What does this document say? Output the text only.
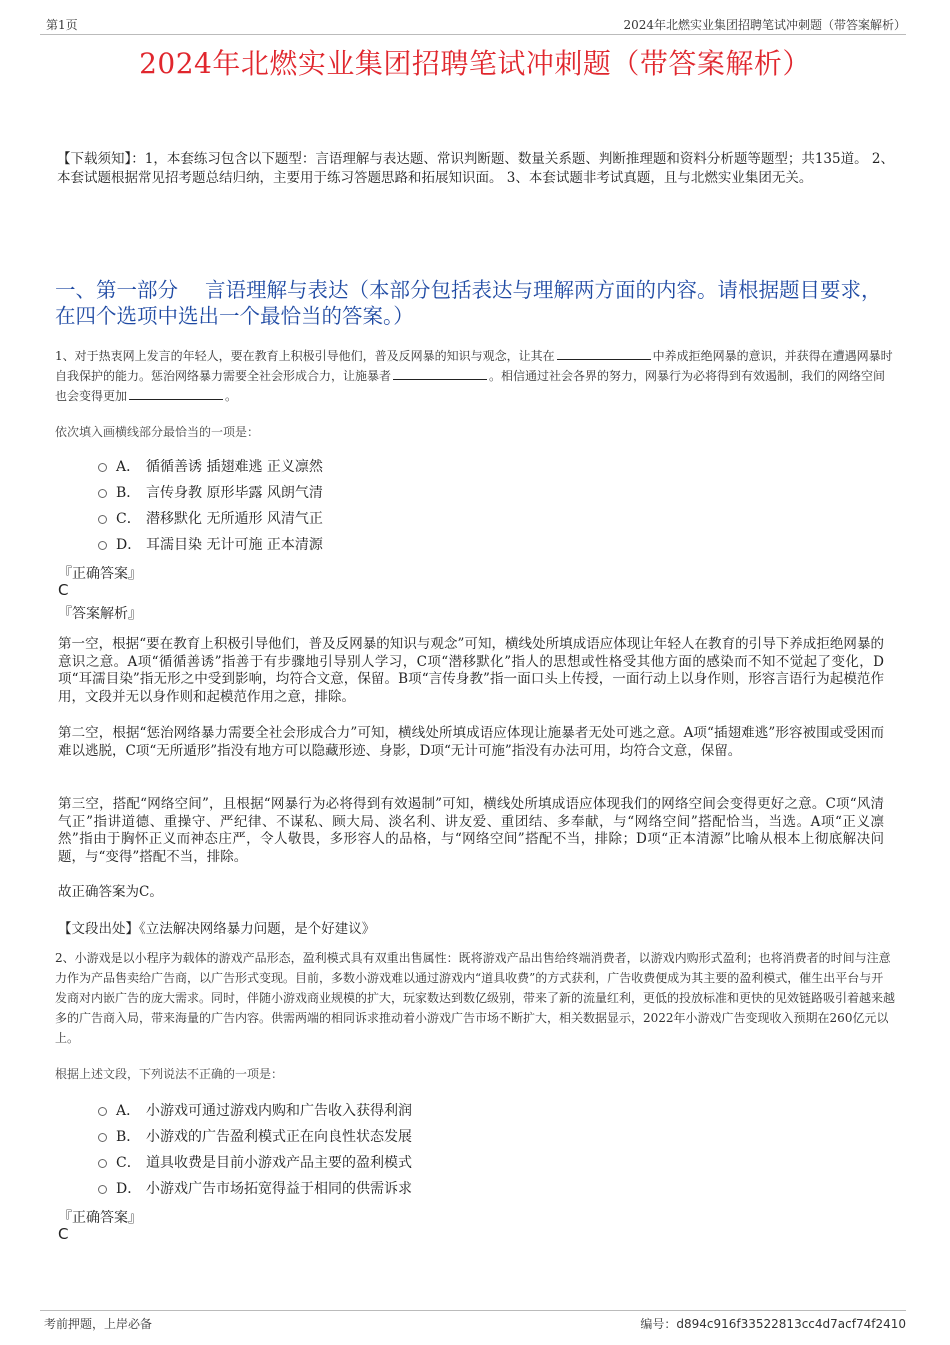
第1页	2024年北燃实业集团招聘笔试冲刺题（带答案解析）
2024年北燃实业集团招聘笔试冲刺题（带答案解析）
【下载须知】：1，本套练习包含以下题型：言语理解与表达题、常识判断题、数量关系题、判断推理题和资料分析题等题型；共135道。 2、本套试题根据常见招考题总结归纳，主要用于练习答题思路和拓展知识面。 3、本套试题非考试真题，且与北燃实业集团无关。
一、第一部分　 言语理解与表达（本部分包括表达与理解两方面的内容。请根据题目要求，在四个选项中选出一个最恰当的答案。）
1、对于热衷网上发言的年轻人，要在教育上积极引导他们，普及反网暴的知识与观念，让其在	中养成拒绝网暴的意识，并获得在遭遇网暴时自我保护的能力。惩治网络暴力需要全社会形成合力，让施暴者	。相信通过社会各界的努力，网暴行为必将得到有效遏制，我们的网络空间也会变得更加	。
依次填入画横线部分最恰当的一项是：
A． 循循善诱 插翅难逃 正义凛然
B． 言传身教 原形毕露 风朗气清
C． 潜移默化 无所遁形 风清气正
D． 耳濡目染 无计可施 正本清源
『正确答案』
C
『答案解析』
第一空，根据“要在教育上积极引导他们，普及反网暴的知识与观念”可知，横线处所填成语应体现让年轻人在教育的引导下养成拒绝网暴的意识之意。A项“循循善诱”指善于有步骤地引导别人学习，C项“潜移默化”指人的思想或性格受其他方面的感染而不知不觉起了变化，D项“耳濡目染”指无形之中受到影响，均符合文意，保留。B项“言传身教”指一面口头上传授，一面行动上以身作则，形容言语行为起模范作用，文段并无以身作则和起模范作用之意，排除。
第二空，根据“惩治网络暴力需要全社会形成合力”可知，横线处所填成语应体现让施暴者无处可逃之意。A项“插翅难逃”形容被围或受困而难以逃脱，C项“无所遁形”指没有地方可以隐藏形迹、身影，D项“无计可施”指没有办法可用，均符合文意，保留。
第三空，搭配“网络空间”，且根据“网暴行为必将得到有效遏制”可知，横线处所填成语应体现我们的网络空间会变得更好之意。C项“风清气正”指讲道德、重操守、严纪律、不谋私、顾大局、淡名利、讲友爱、重团结、多奉献，与“网络空间”搭配恰当，当选。A项“正义凛然”指由于胸怀正义而神态庄严，令人敬畏，多形容人的品格，与“网络空间”搭配不当，排除；D项“正本清源”比喻从根本上彻底解决问题，与“变得”搭配不当，排除。
故正确答案为C。
【文段出处】《立法解决网络暴力问题，是个好建议》
2、小游戏是以小程序为载体的游戏产品形态，盈利模式具有双重出售属性：既将游戏产品出售给终端消费者，以游戏内购形式盈利；也将消费者的时间与注意力作为产品售卖给广告商，以广告形式变现。目前，多数小游戏难以通过游戏内“道具收费”的方式获利，广告收费便成为其主要的盈利模式，催生出平台与开发商对内嵌广告的庞大需求。同时，伴随小游戏商业规模的扩大，玩家数达到数亿级别，带来了新的流量红利，更低的投放标准和更快的见效链路吸引着越来越多的广告商入局，带来海量的广告内容。供需两端的相同诉求推动着小游戏广告市场不断扩大，相关数据显示，2022年小游戏广告变现收入预期在260亿元以上。
根据上述文段，下列说法不正确的一项是：
A． 小游戏可通过游戏内购和广告收入获得利润
B． 小游戏的广告盈利模式正在向良性状态发展
C． 道具收费是目前小游戏产品主要的盈利模式
D． 小游戏广告市场拓宽得益于相同的供需诉求
『正确答案』
C
考前押题，上岸必备	编号：d894c916f33522813cc4d7acf74f2410
